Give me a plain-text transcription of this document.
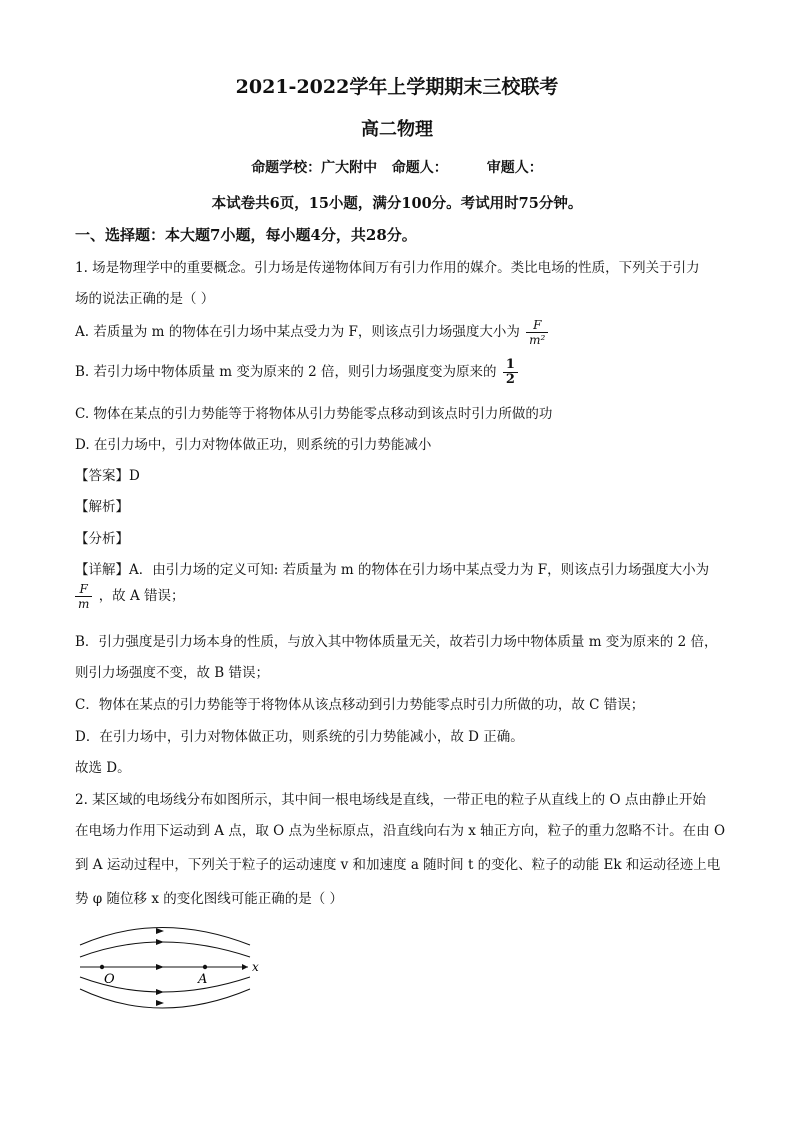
2021-2022学年上学期期末三校联考
高二物理
命题学校：广大附中   命题人：        审题人：
本试卷共6页，15小题，满分100分。考试用时75分钟。
一、选择题：本大题7小题，每小题4分，共28分。
1. 场是物理学中的重要概念。引力场是传递物体间万有引力作用的媒介。类比电场的性质，下列关于引力
场的说法正确的是（ ）
A. 若质量为 m 的物体在引力场中某点受力为 F，则该点引力场强度大小为 $\frac{F}{\text{m²}}$
B. 若引力场中物体质量 m 变为原来的 2 倍，则引力场强度变为原来的 $\frac{1}{2}$
C. 物体在某点的引力势能等于将物体从引力势能零点移动到该点时引力所做的功
D. 在引力场中，引力对物体做正功，则系统的引力势能减小
【答案】D
【解析】
【分析】
【详解】A．由引力场的定义可知: 若质量为 m 的物体在引力场中某点受力为 F，则该点引力场强度大小为
$\frac{F}{m}$ ，故 A 错误；
B．引力强度是引力场本身的性质，与放入其中物体质量无关，故若引力场中物体质量 m 变为原来的 2 倍，
则引力场强度不变，故 B 错误；
C．物体在某点的引力势能等于将物体从该点移动到引力势能零点时引力所做的功，故 C 错误；
D．在引力场中，引力对物体做正功，则系统的引力势能减小，故 D 正确。
故选 D。
2. 某区域的电场线分布如图所示，其中间一根电场线是直线，一带正电的粒子从直线上的 O 点由静止开始
在电场力作用下运动到 A 点，取 O 点为坐标原点，沿直线向右为 x 轴正方向，粒子的重力忽略不计。在由 O
到 A 运动过程中，下列关于粒子的运动速度 v 和加速度 a 随时间 t 的变化、粒子的动能 Ek 和运动径迹上电
势 φ 随位移 x 的变化图线可能正确的是（ ）
O	A
x
